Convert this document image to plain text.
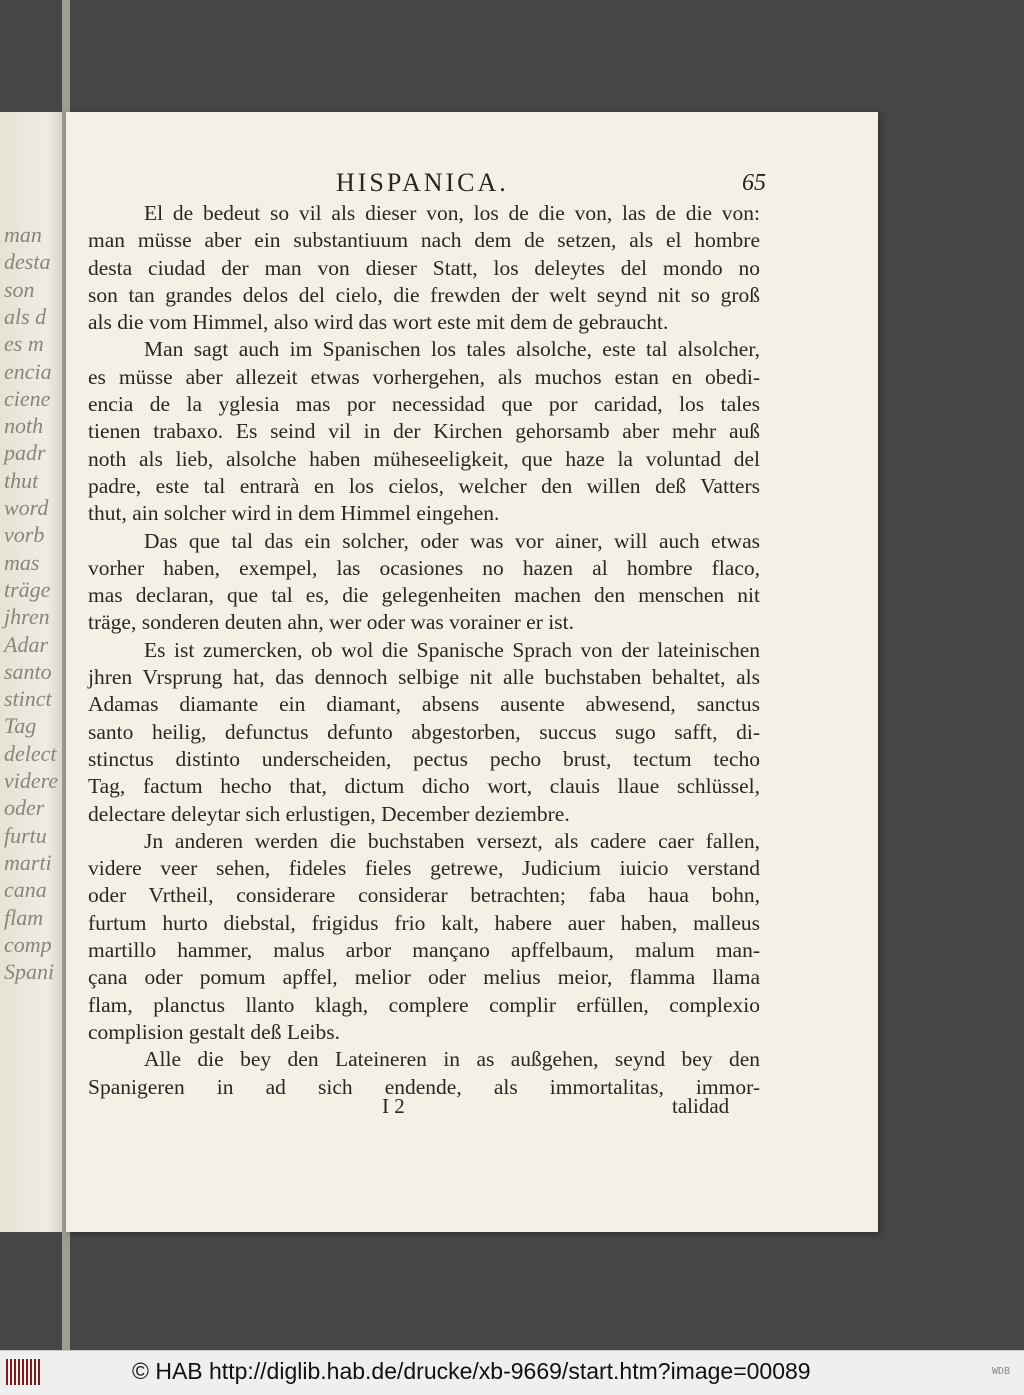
man
desta
son
als d
es m
encia
ciene
noth
padr
thut
word
vorb
mas
träge
jhren
Adar
santo
stinct
Tag
delect
videre
oder
furtu
marti
cana
flam
comp
Spani
HISPANICA.	65
El de bedeut so vil als dieser von, los de die von, las de die von:
man müsse aber ein substantiuum nach dem de setzen, als el hombre
desta ciudad der man von dieser Statt, los deleytes del mondo no
son tan grandes delos del cielo, die frewden der welt seynd nit so groß
als die vom Himmel, also wird das wort este mit dem de gebraucht.
Man sagt auch im Spanischen los tales alsolche, este tal alsolcher,
es müsse aber allezeit etwas vorhergehen, als muchos estan en obedi-
encia de la yglesia mas por necessidad que por caridad, los tales
tienen trabaxo. Es seind vil in der Kirchen gehorsamb aber mehr auß
noth als lieb, alsolche haben müheseeligkeit, que haze la voluntad del
padre, este tal entrarà en los cielos, welcher den willen deß Vatters
thut, ain solcher wird in dem Himmel eingehen.
Das que tal das ein solcher, oder was vor ainer, will auch etwas
vorher haben, exempel, las ocasiones no hazen al hombre flaco,
mas declaran, que tal es, die gelegenheiten machen den menschen nit
träge, sonderen deuten ahn, wer oder was vorainer er ist.
Es ist zumercken, ob wol die Spanische Sprach von der lateinischen
jhren Vrsprung hat, das dennoch selbige nit alle buchstaben behaltet, als
Adamas diamante ein diamant, absens ausente abwesend, sanctus
santo heilig, defunctus defunto abgestorben, succus sugo safft, di-
stinctus distinto underscheiden, pectus pecho brust, tectum techo
Tag, factum hecho that, dictum dicho wort, clauis llaue schlüssel,
delectare deleytar sich erlustigen, December deziembre.
Jn anderen werden die buchstaben versezt, als cadere caer fallen,
videre veer sehen, fideles fieles getrewe, Judicium iuicio verstand
oder Vrtheil, considerare considerar betrachten; faba haua bohn,
furtum hurto diebstal, frigidus frio kalt, habere auer haben, malleus
martillo hammer, malus arbor mançano apffelbaum, malum man-
çana oder pomum apffel, melior oder melius meior, flamma llama
flam, planctus llanto klagh, complere complir erfüllen, complexio
complision gestalt deß Leibs.
Alle die bey den Lateineren in as außgehen, seynd bey den
Spanigeren in ad sich endende, als immortalitas, immor-
I 2	talidad
© HAB http://diglib.hab.de/drucke/xb-9669/start.htm?image=00089	WDB
